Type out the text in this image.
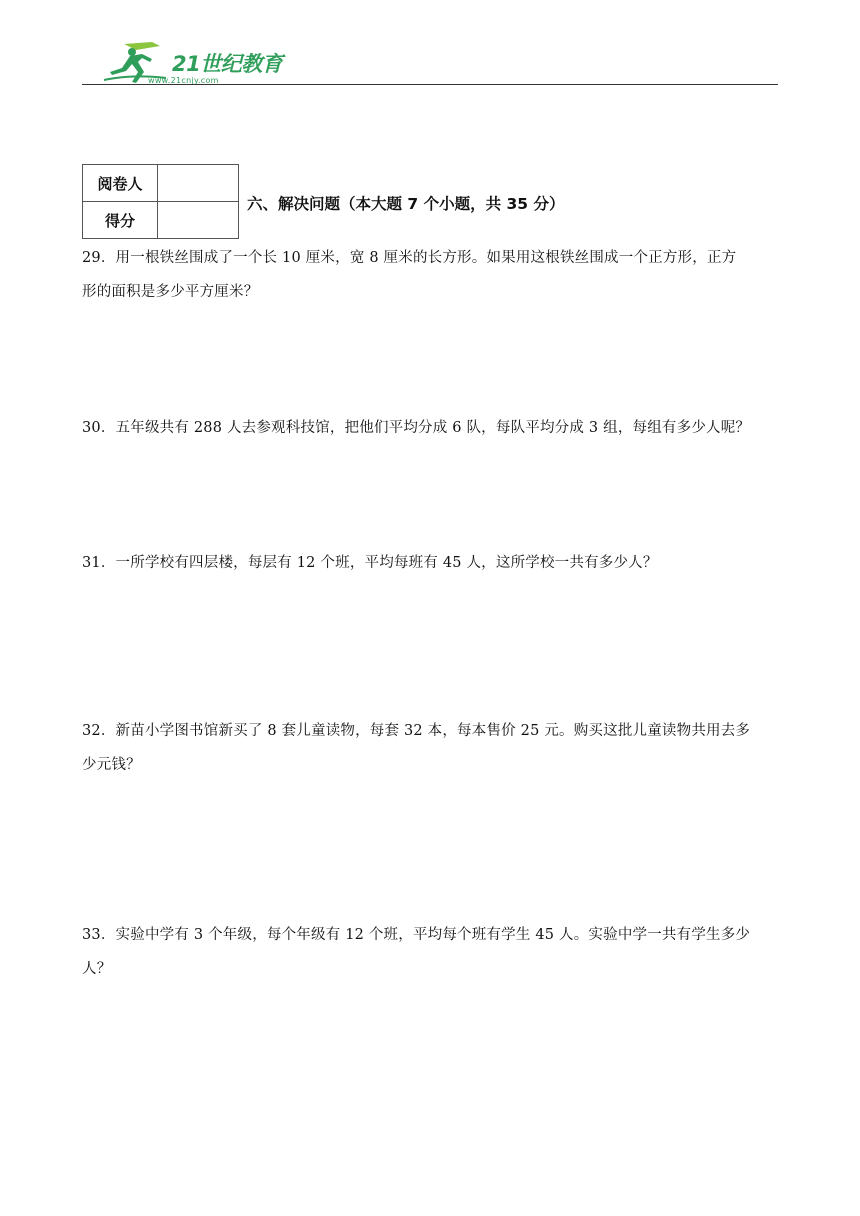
21世纪教育
www.21cnjy.com
阅卷人	
得分	
六、解决问题（本大题 7 个小题，共 35 分）
29．用一根铁丝围成了一个长 10 厘米，宽 8 厘米的长方形。如果用这根铁丝围成一个正方形，正方
形的面积是多少平方厘米？
30．五年级共有 288 人去参观科技馆，把他们平均分成 6 队，每队平均分成 3 组，每组有多少人呢？
31．一所学校有四层楼，每层有 12 个班，平均每班有 45 人，这所学校一共有多少人？
32．新苗小学图书馆新买了 8 套儿童读物，每套 32 本，每本售价 25 元。购买这批儿童读物共用去多
少元钱？
33．实验中学有 3 个年级，每个年级有 12 个班，平均每个班有学生 45 人。实验中学一共有学生多少
人？
